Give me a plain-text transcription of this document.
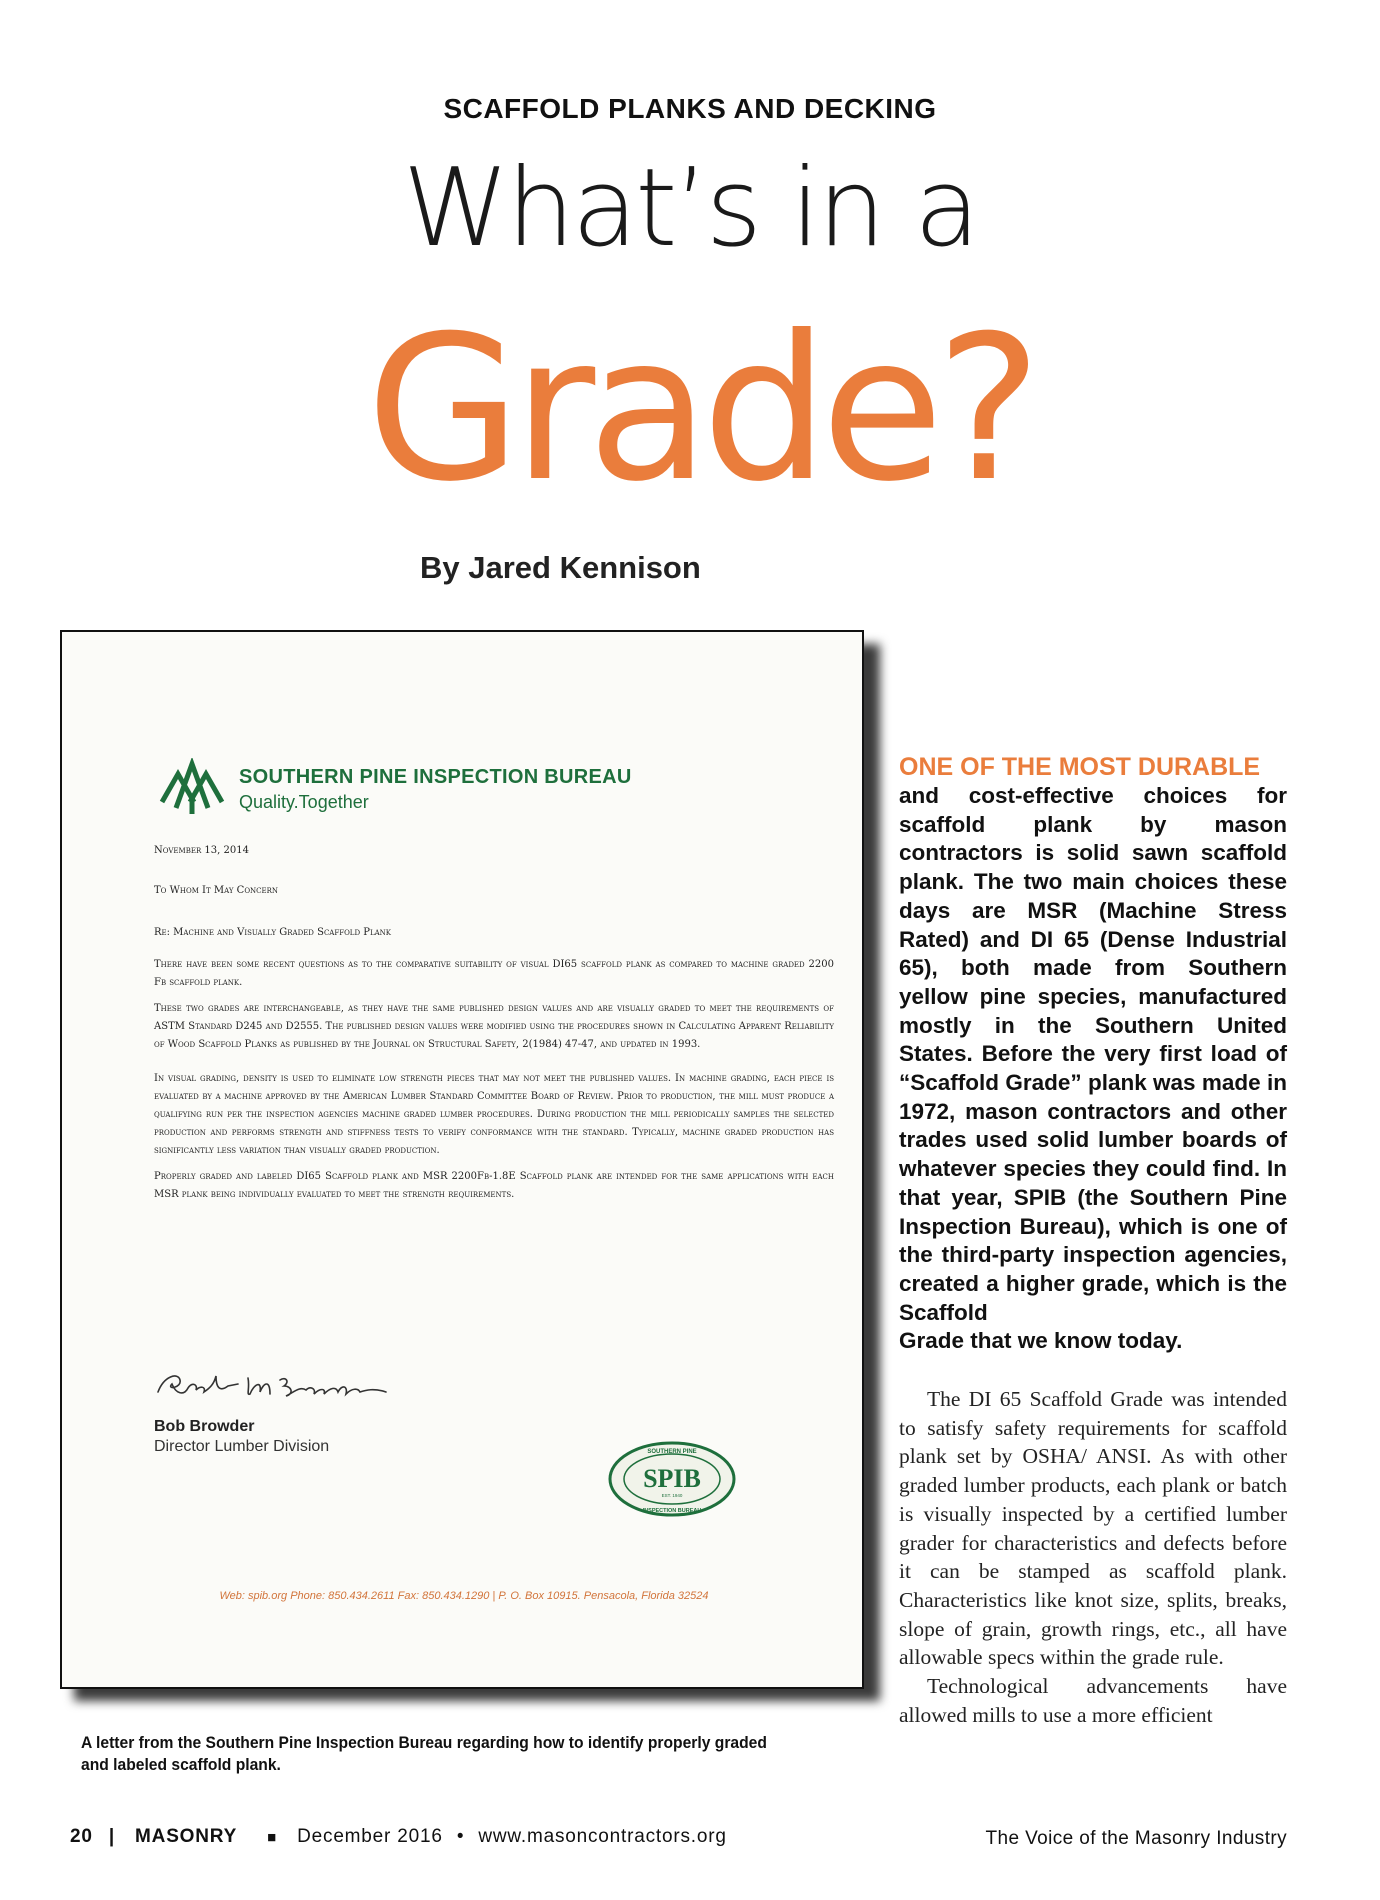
SCAFFOLD PLANKS AND DECKING
What’s in a
Grade?
By Jared Kennison
SOUTHERN PINE INSPECTION BUREAU
Quality.Together
November 13, 2014
To Whom It May Concern
Re: Machine and Visually Graded Scaffold Plank
There have been some recent questions as to the comparative suitability of visual DI65 scaffold plank as compared to machine graded 2200 Fb scaffold plank.
These two grades are interchangeable, as they have the same published design values and are visually graded to meet the requirements of ASTM Standard D245 and D2555. The published design values were modified using the procedures shown in Calculating Apparent Reliability of Wood Scaffold Planks as published by the Journal on Structural Safety, 2(1984) 47-47, and updated in 1993.
In visual grading, density is used to eliminate low strength pieces that may not meet the published values. In machine grading, each piece is evaluated by a machine approved by the American Lumber Standard Committee Board of Review. Prior to production, the mill must produce a qualifying run per the inspection agencies machine graded lumber procedures. During production the mill periodically samples the selected production and performs strength and stiffness tests to verify conformance with the standard. Typically, machine graded production has significantly less variation than visually graded production.
Properly graded and labeled DI65 Scaffold plank and MSR 2200Fb-1.8E Scaffold plank are intended for the same applications with each MSR plank being individually evaluated to meet the strength requirements.
Bob Browder
Director Lumber Division	SOUTHERN PINE
SPIB
INSPECTION BUREAU
EST. 1940
Web: spib.org Phone: 850.434.2611 Fax: 850.434.1290 | P. O. Box 10915. Pensacola, Florida 32524
A letter from the Southern Pine Inspection Bureau regarding how to identify properly graded and labeled scaffold plank.
ONE OF THE MOST DURABLE
and cost-effective choices for scaffold plank by mason contractors is solid sawn scaffold plank. The two main choices these days are MSR (Machine Stress Rated) and DI 65 (Dense Industrial 65), both made from Southern yellow pine species, manufactured mostly in the Southern United States. Before the very first load of “Scaffold Grade” plank was made in 1972, mason contractors and other trades used solid lumber boards of whatever species they could find. In that year, SPIB (the Southern Pine Inspection Bureau), which is one of the third-party inspection agencies, created a higher grade, which is the Scaffold
Grade that we know today.

The DI 65 Scaffold Grade was intended to satisfy safety requirements for scaffold plank set by OSHA/ ANSI. As with other graded lumber products, each plank or batch is visually inspected by a certified lumber grader for characteristics and defects before it can be stamped as scaffold plank. Characteristics like knot size, splits, breaks, slope of grain, growth rings, etc., all have allowable specs within the grade rule.

Technological advancements have allowed mills to use a more efficient

20 | MASONRY ■ December 2016 • www.masoncontractors.org	The Voice of the Masonry Industry
